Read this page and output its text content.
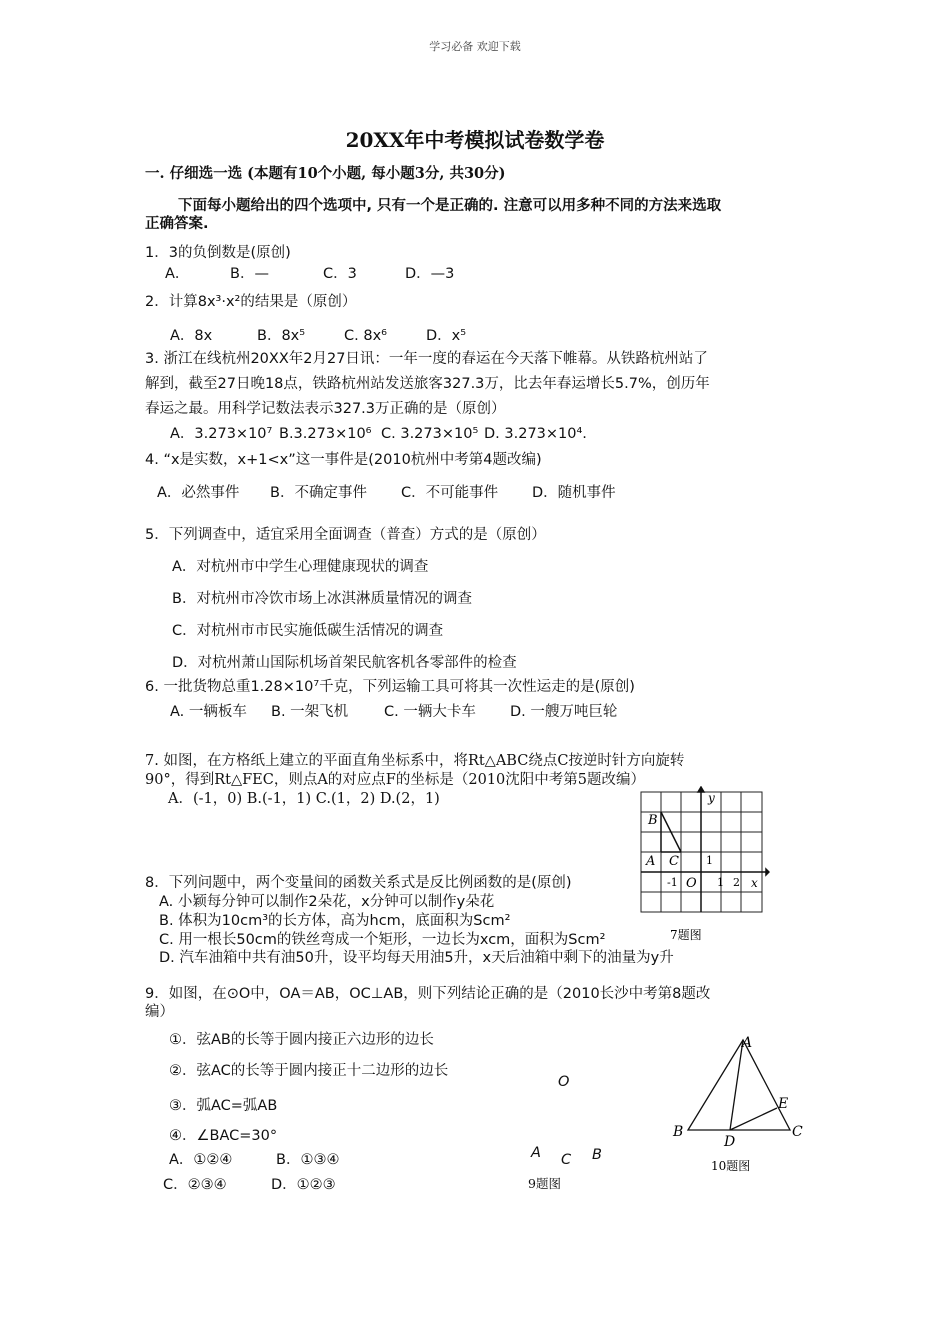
学习必备 欢迎下载
20XX年中考模拟试卷数学卷
一. 仔细选一选 (本题有10个小题, 每小题3分, 共30分)
下面每小题给出的四个选项中, 只有一个是正确的. 注意可以用多种不同的方法来选取
正确答案.
1．3的负倒数是(原创)
A．	B．—	C．3	D．—3
2．计算8x³·x²的结果是（原创）
A．8x	B．8x⁵	C. 8x⁶	D．x⁵
3. 浙江在线杭州20XX年2月27日讯：一年一度的春运在今天落下帷幕。从铁路杭州站了
解到，截至27日晚18点，铁路杭州站发送旅客327.3万，比去年春运增长5.7%，创历年
春运之最。用科学记数法表示327.3万正确的是（原创）
A．3.273×10⁷ B.3.273×10⁶ C. 3.273×10⁵ D. 3.273×10⁴.
4. “x是实数，x+1<x”这一事件是(2010杭州中考第4题改编)
A．必然事件 B．不确定事件 C．不可能事件 D．随机事件
5．下列调查中，适宜采用全面调查（普查）方式的是（原创）
A．对杭州市中学生心理健康现状的调查
B．对杭州市冷饮市场上冰淇淋质量情况的调查
C．对杭州市市民实施低碳生活情况的调查
D．对杭州萧山国际机场首架民航客机各零部件的检查
6. 一批货物总重1.28×10⁷千克，下列运输工具可将其一次性运走的是(原创)
A. 一辆板车 B. 一架飞机 C. 一辆大卡车 D. 一艘万吨巨轮
7. 如图，在方格纸上建立的平面直角坐标系中，将Rt△ABC绕点C按逆时针方向旋转
90°，得到Rt△FEC，则点A的对应点F的坐标是（2010沈阳中考第5题改编）
A．(-1，0) B.(-1，1) C.(1，2) D.(2，1)
B
A C
y
x
O
1
-1	1 2
7题图
8．下列问题中，两个变量间的函数关系式是反比例函数的是(原创)
A. 小颖每分钟可以制作2朵花，x分钟可以制作y朵花
B. 体积为10cm³的长方体，高为hcm，底面积为Scm²
C. 用一根长50cm的铁丝弯成一个矩形，一边长为xcm，面积为Scm²
D. 汽车油箱中共有油50升，设平均每天用油5升，x天后油箱中剩下的油量为y升
9．如图，在⊙O中，OA＝AB，OC⊥AB，则下列结论正确的是（2010长沙中考第8题改
编）
①．弦AB的长等于圆内接正六边形的边长
②．弦AC的长等于圆内接正十二边形的边长
③．弧AC=弧AB
④．∠BAC=30°
A．①②④	B．①③④
C．②③④	D．①②③
O
A C B
9题图
A
B	C
D
E
10题图
